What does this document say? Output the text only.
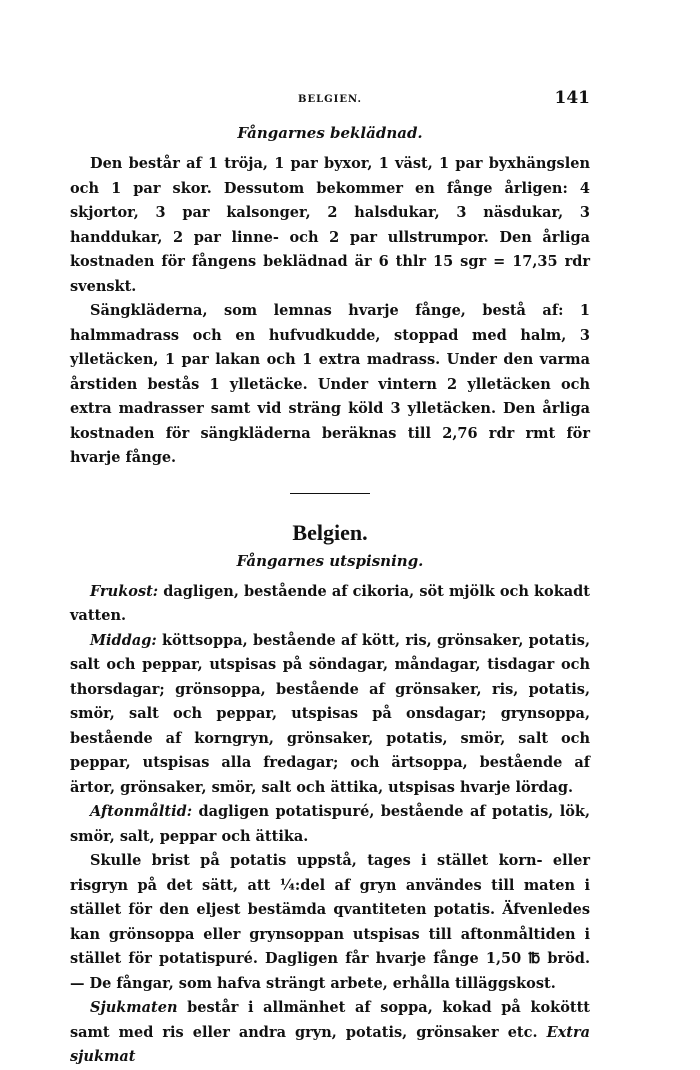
BELGIEN.	141
Fångarnes beklädnad.

Den består af 1 tröja, 1 par byxor, 1 väst, 1 par byxhängslen och 1 par skor. Dessutom bekommer en fånge årligen: 4 skjortor, 3 par kalsonger, 2 halsdukar, 3 näsdukar, 3 handdukar, 2 par linne- och 2 par ullstrumpor. Den årliga kostnaden för fångens beklädnad är 6 thlr 15 sgr = 17,35 rdr svenskt.

Sängkläderna, som lemnas hvarje fånge, bestå af: 1 halmmadrass och en hufvudkudde, stoppad med halm, 3 ylletäcken, 1 par lakan och 1 extra madrass. Under den varma årstiden bestås 1 ylletäcke. Under vintern 2 ylletäcken och extra madrasser samt vid sträng köld 3 ylletäcken. Den årliga kostnaden för sängkläderna beräknas till 2,76 rdr rmt för hvarje fånge.

Belgien.
Fångarnes utspisning.

Frukost: dagligen, bestående af cikoria, söt mjölk och kokadt vatten.

Middag: köttsoppa, bestående af kött, ris, grönsaker, potatis, salt och peppar, utspisas på söndagar, måndagar, tisdagar och thorsdagar; grönsoppa, bestående af grönsaker, ris, potatis, smör, salt och peppar, utspisas på onsdagar; grynsoppa, bestående af korngryn, grönsaker, potatis, smör, salt och peppar, utspisas alla fredagar; och ärtsoppa, bestående af ärtor, grönsaker, smör, salt och ättika, utspisas hvarje lördag.

Aftonmåltid: dagligen potatispuré, bestående af potatis, lök, smör, salt, peppar och ättika.

Skulle brist på potatis uppstå, tages i stället korn- eller risgryn på det sätt, att ¼:del af gryn användes till maten i stället för den eljest bestämda qvantiteten potatis. Äfvenledes kan grönsoppa eller grynsoppan utspisas till aftonmåltiden i stället för potatispuré. Dagligen får hvarje fånge 1,50 ℔ bröd. — De fångar, som hafva strängt arbete, erhålla tilläggskost.

Sjukmaten består i allmänhet af soppa, kokad på koköttt samt med ris eller andra gryn, potatis, grönsaker etc. Extra sjukmat
